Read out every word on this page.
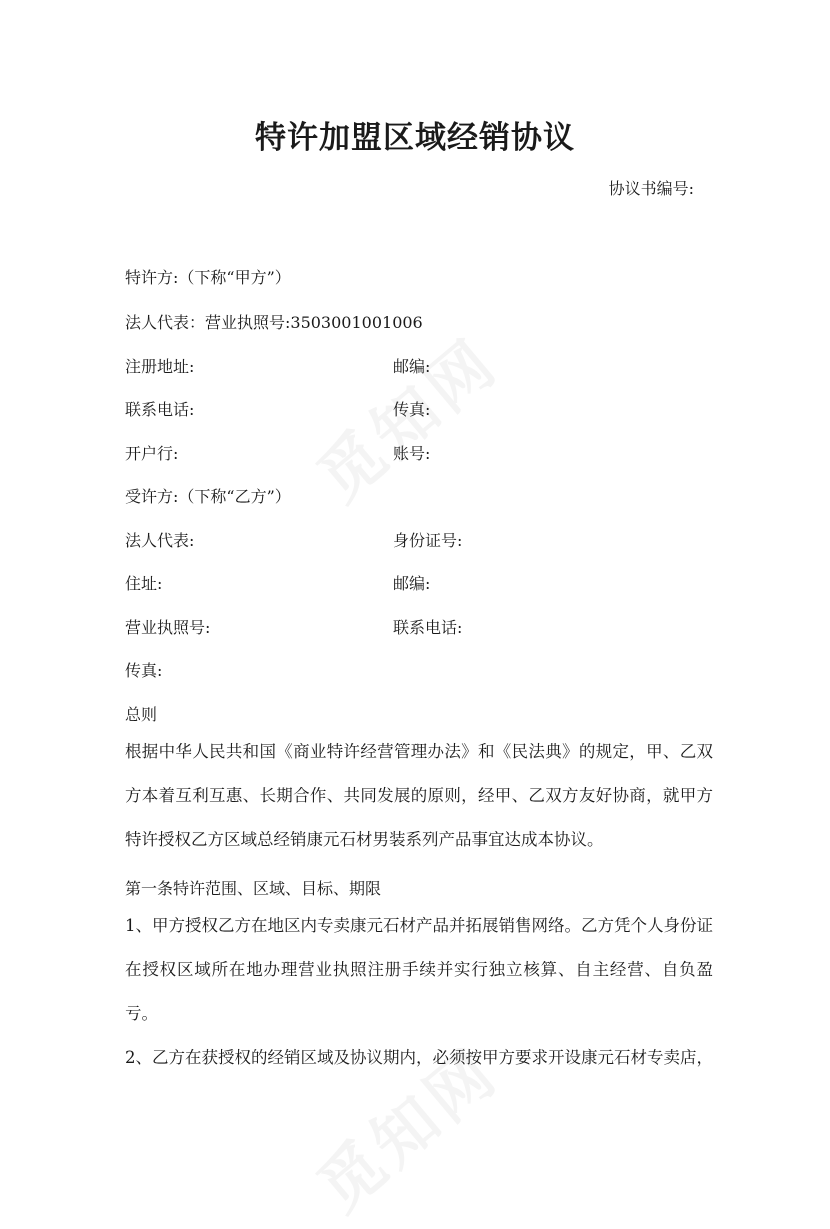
特许加盟区域经销协议
协议书编号:
特许方:（下称“甲方”）
法人代表：营业执照号:3503001001006
注册地址:	邮编:
联系电话:	传真:
开户行:	账号:
受许方:（下称“乙方”）
法人代表:	身份证号:
住址:	邮编:
营业执照号:	联系电话:
传真:
总则
根据中华人民共和国《商业特许经营管理办法》和《民法典》的规定，甲、乙双方本着互利互惠、长期合作、共同发展的原则，经甲、乙双方友好协商，就甲方特许授权乙方区域总经销康元石材男装系列产品事宜达成本协议。
第一条特许范围、区域、目标、期限
1、甲方授权乙方在地区内专卖康元石材产品并拓展销售网络。乙方凭个人身份证在授权区域所在地办理营业执照注册手续并实行独立核算、自主经营、自负盈亏。
2、乙方在获授权的经销区域及协议期内，必须按甲方要求开设康元石材专卖店，
